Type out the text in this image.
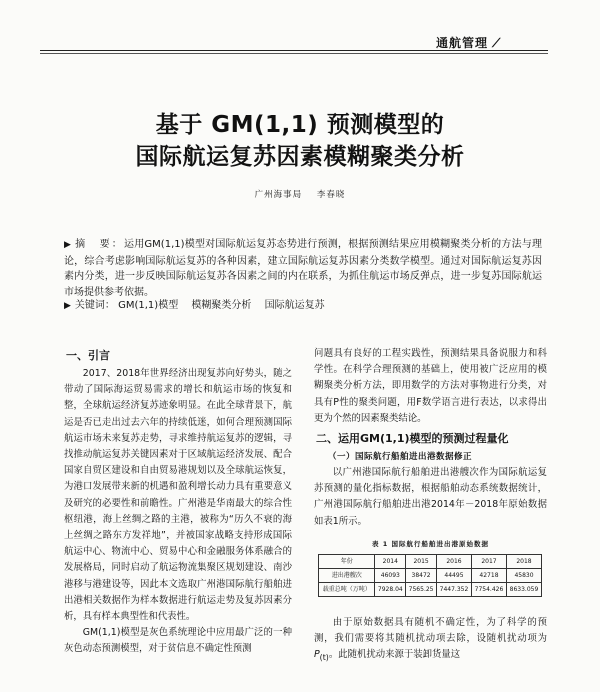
通航管理 ⟋
基于 GM(1,1) 预测模型的
国际航运复苏因素模糊聚类分析
广州海事局 李春晓
▶ 摘　要：运用GM(1,1)模型对国际航运复苏态势进行预测，根据预测结果应用模糊聚类分析的方法与理论，综合考虑影响国际航运复苏的各种因素，建立国际航运复苏因素分类数学模型。通过对国际航运复苏因素内分类，进一步反映国际航运复苏各因素之间的内在联系，为抓住航运市场反弹点，进一步复苏国际航运市场提供参考依据。
▶ 关键词： GM(1,1)模型 模糊聚类分析 国际航运复苏
一、引言

2017、2018年世界经济出现复苏向好势头，随之带动了国际海运贸易需求的增长和航运市场的恢复和整，全球航运经济复苏迹象明显。在此全球背景下，航运是否已走出过去六年的持续低迷，如何合理预测国际航运市场未来复苏走势，寻求维持航运复苏的逻辑，寻找推动航运复苏关键因素对于区域航运经济发展、配合国家自贸区建设和自由贸易港规划以及全球航运恢复，为港口发展带来新的机遇和盈利增长动力具有重要意义及研究的必要性和前瞻性。广州港是华南最大的综合性枢纽港，海上丝绸之路的主港，被称为“历久不衰的海上丝绸之路东方发祥地”，并被国家战略支持形成国际航运中心、物流中心、贸易中心和金融服务体系融合的发展格局，同时启动了航运物流集聚区规划建设、南沙港移与港建设等，因此本文选取广州港国际航行船舶进出港相关数据作为样本数据进行航运走势及复苏因素分析，具有样本典型性和代表性。

GM(1,1)模型是灰色系统理论中应用最广泛的一种灰色动态预测模型，对于贫信息不确定性预测

问题具有良好的工程实践性，预测结果具备说服力和科学性。在科学合理预测的基础上，使用被广泛应用的模糊聚类分析方法，即用数学的方法对事物进行分类，对具有P性的聚类问题，用F数学语言进行表达，以求得出更为个然的因素聚类结论。

二、运用GM(1,1)模型的预测过程量化
（一）国际航行船舶进出港数据修正

以广州港国际航行船舶进出港艘次作为国际航运复苏预测的量化指标数据，根据船舶动态系统数据统计，广州港国际航行船舶进出港2014年－2018年原始数据如表1所示。

表 1 国际航行船舶进出港原始数据
年份	2014	2015	2016	2017	2018
进出港艘次	46093	38472	44495	42718	45830
载重总吨（万吨）	7928.04	7565.25	7447.352	7754.426	8633.059

由于原始数据具有随机不确定性，为了科学的预测，我们需要将其随机扰动项去除，设随机扰动项为$P_{(t)}$。此随机扰动来源于装卸货量这
